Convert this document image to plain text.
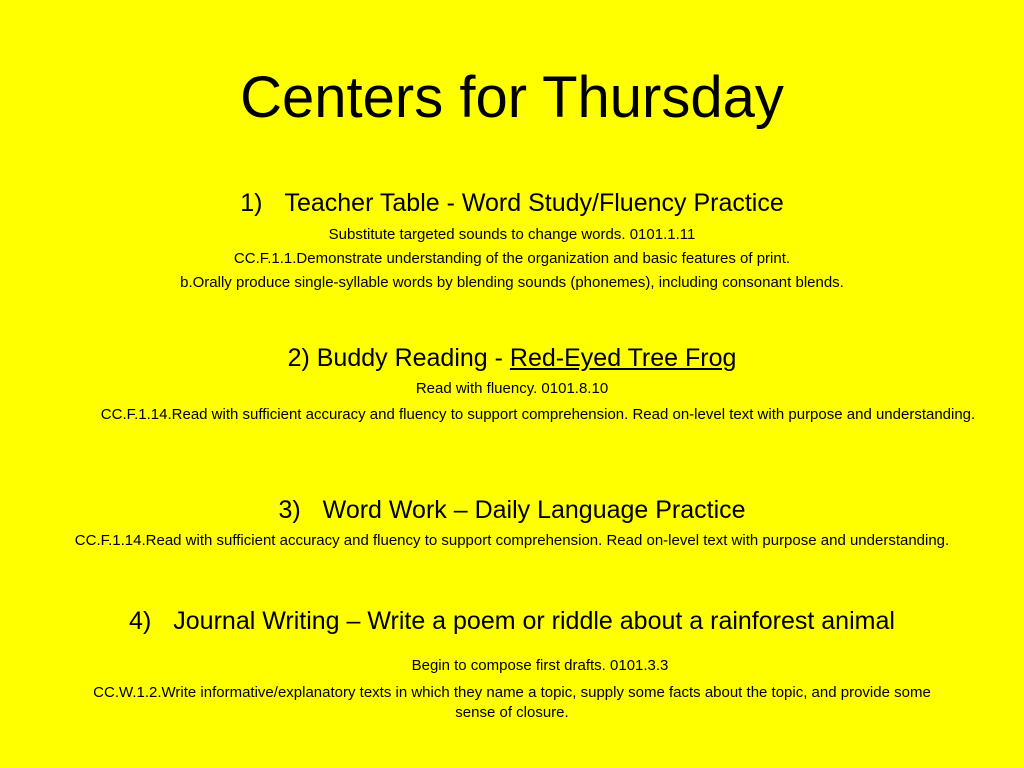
Centers for Thursday
1) Teacher Table - Word Study/Fluency Practice
Substitute targeted sounds to change words. 0101.1.11
CC.F.1.1.Demonstrate understanding of the organization and basic features of print.
b.Orally produce single-syllable words by blending sounds (phonemes), including consonant blends.
2) Buddy Reading - Red-Eyed Tree Frog
Read with fluency. 0101.8.10
CC.F.1.14.Read with sufficient accuracy and fluency to support comprehension. Read on-level text with purpose and understanding.
3) Word Work – Daily Language Practice
CC.F.1.14.Read with sufficient accuracy and fluency to support comprehension. Read on-level text with purpose and understanding.
4) Journal Writing – Write a poem or riddle about a rainforest animal
Begin to compose first drafts. 0101.3.3
CC.W.1.2.Write informative/explanatory texts in which they name a topic, supply some facts about the topic, and provide some sense of closure.
